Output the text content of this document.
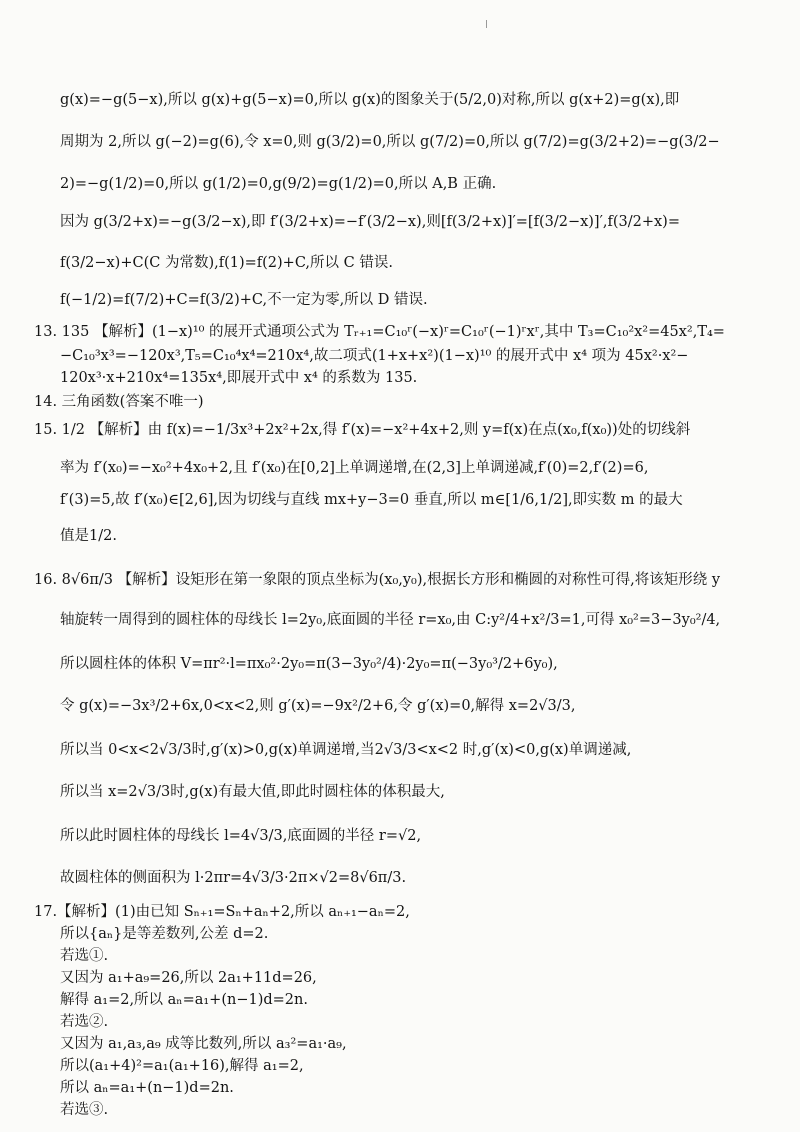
g(x)=−g(5−x),所以 g(x)+g(5−x)=0,所以 g(x)的图象关于(5/2,0)对称,所以 g(x+2)=g(x),即
周期为 2,所以 g(−2)=g(6),令 x=0,则 g(3/2)=0,所以 g(7/2)=0,所以 g(7/2)=g(3/2+2)=−g(3/2−
2)=−g(1/2)=0,所以 g(1/2)=0,g(9/2)=g(1/2)=0,所以 A,B 正确.
因为 g(3/2+x)=−g(3/2−x),即 f′(3/2+x)=−f′(3/2−x),则[f(3/2+x)]′=[f(3/2−x)]′,f(3/2+x)=
f(3/2−x)+C(C 为常数),f(1)=f(2)+C,所以 C 错误.
f(−1/2)=f(7/2)+C=f(3/2)+C,不一定为零,所以 D 错误.
13. 135 【解析】(1−x)¹⁰ 的展开式通项公式为 Tᵣ₊₁=C₁₀ʳ(−x)ʳ=C₁₀ʳ(−1)ʳxʳ,其中 T₃=C₁₀²x²=45x²,T₄=
−C₁₀³x³=−120x³,T₅=C₁₀⁴x⁴=210x⁴,故二项式(1+x+x²)(1−x)¹⁰ 的展开式中 x⁴ 项为 45x²·x²−
120x³·x+210x⁴=135x⁴,即展开式中 x⁴ 的系数为 135.
14. 三角函数(答案不唯一)
15. 1/2 【解析】由 f(x)=−1/3x³+2x²+2x,得 f′(x)=−x²+4x+2,则 y=f(x)在点(x₀,f(x₀))处的切线斜
率为 f′(x₀)=−x₀²+4x₀+2,且 f′(x₀)在[0,2]上单调递增,在(2,3]上单调递减,f′(0)=2,f′(2)=6,
f′(3)=5,故 f′(x₀)∈[2,6],因为切线与直线 mx+y−3=0 垂直,所以 m∈[1/6,1/2],即实数 m 的最大
值是1/2.
16. 8√6π/3 【解析】设矩形在第一象限的顶点坐标为(x₀,y₀),根据长方形和椭圆的对称性可得,将该矩形绕 y
轴旋转一周得到的圆柱体的母线长 l=2y₀,底面圆的半径 r=x₀,由 C:y²/4+x²/3=1,可得 x₀²=3−3y₀²/4,
所以圆柱体的体积 V=πr²·l=πx₀²·2y₀=π(3−3y₀²/4)·2y₀=π(−3y₀³/2+6y₀),
令 g(x)=−3x³/2+6x,0<x<2,则 g′(x)=−9x²/2+6,令 g′(x)=0,解得 x=2√3/3,
所以当 0<x<2√3/3时,g′(x)>0,g(x)单调递增,当2√3/3<x<2 时,g′(x)<0,g(x)单调递减,
所以当 x=2√3/3时,g(x)有最大值,即此时圆柱体的体积最大,
所以此时圆柱体的母线长 l=4√3/3,底面圆的半径 r=√2,
故圆柱体的侧面积为 l·2πr=4√3/3·2π×√2=8√6π/3.
17.【解析】(1)由已知 Sₙ₊₁=Sₙ+aₙ+2,所以 aₙ₊₁−aₙ=2,
所以{aₙ}是等差数列,公差 d=2.
若选①.
又因为 a₁+a₉=26,所以 2a₁+11d=26,
解得 a₁=2,所以 aₙ=a₁+(n−1)d=2n.
若选②.
又因为 a₁,a₃,a₉ 成等比数列,所以 a₃²=a₁·a₉,
所以(a₁+4)²=a₁(a₁+16),解得 a₁=2,
所以 aₙ=a₁+(n−1)d=2n.
若选③.
